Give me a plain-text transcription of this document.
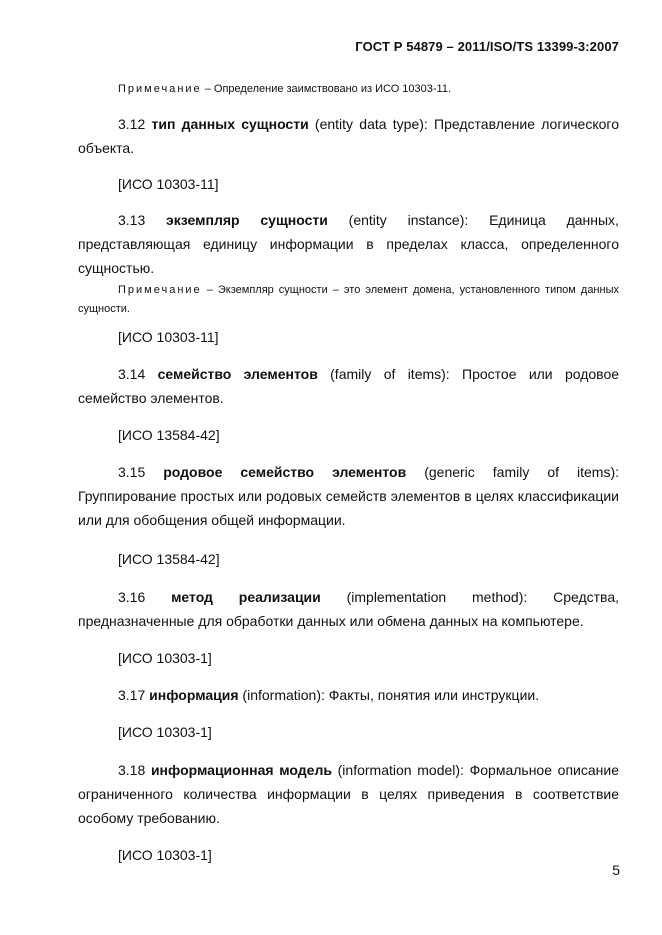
ГОСТ Р 54879 – 2011/ISO/TS 13399-3:2007

Примечание – Определение заимствовано из ИСО 10303-11.

3.12 тип данных сущности (entity data type): Представление логического объекта.

[ИСО 10303-11]
3.13 экземпляр сущности (entity instance): Единица данных,

представляющая единицу информации в пределах класса, определенного сущностью.

Примечание – Экземпляр сущности – это элемент домена, установленного типом данных сущности.

[ИСО 10303-11]

3.14 семейство элементов (family of items): Простое или родовое семейство элементов.

[ИСО 13584-42]
3.15 родовое семейство элементов (generic family of items):

Группирование простых или родовых семейств элементов в целях классификации или для обобщения общей информации.

[ИСО 13584-42]
3.16 метод реализации (implementation method): Средства,

предназначенные для обработки данных или обмена данных на компьютере.

[ИСО 10303-1]

3.17 информация (information): Факты, понятия или инструкции.

[ИСО 10303-1]

3.18 информационная модель (information model): Формальное описание ограниченного количества информации в целях приведения в соответствие особому требованию.

[ИСО 10303-1]
5
